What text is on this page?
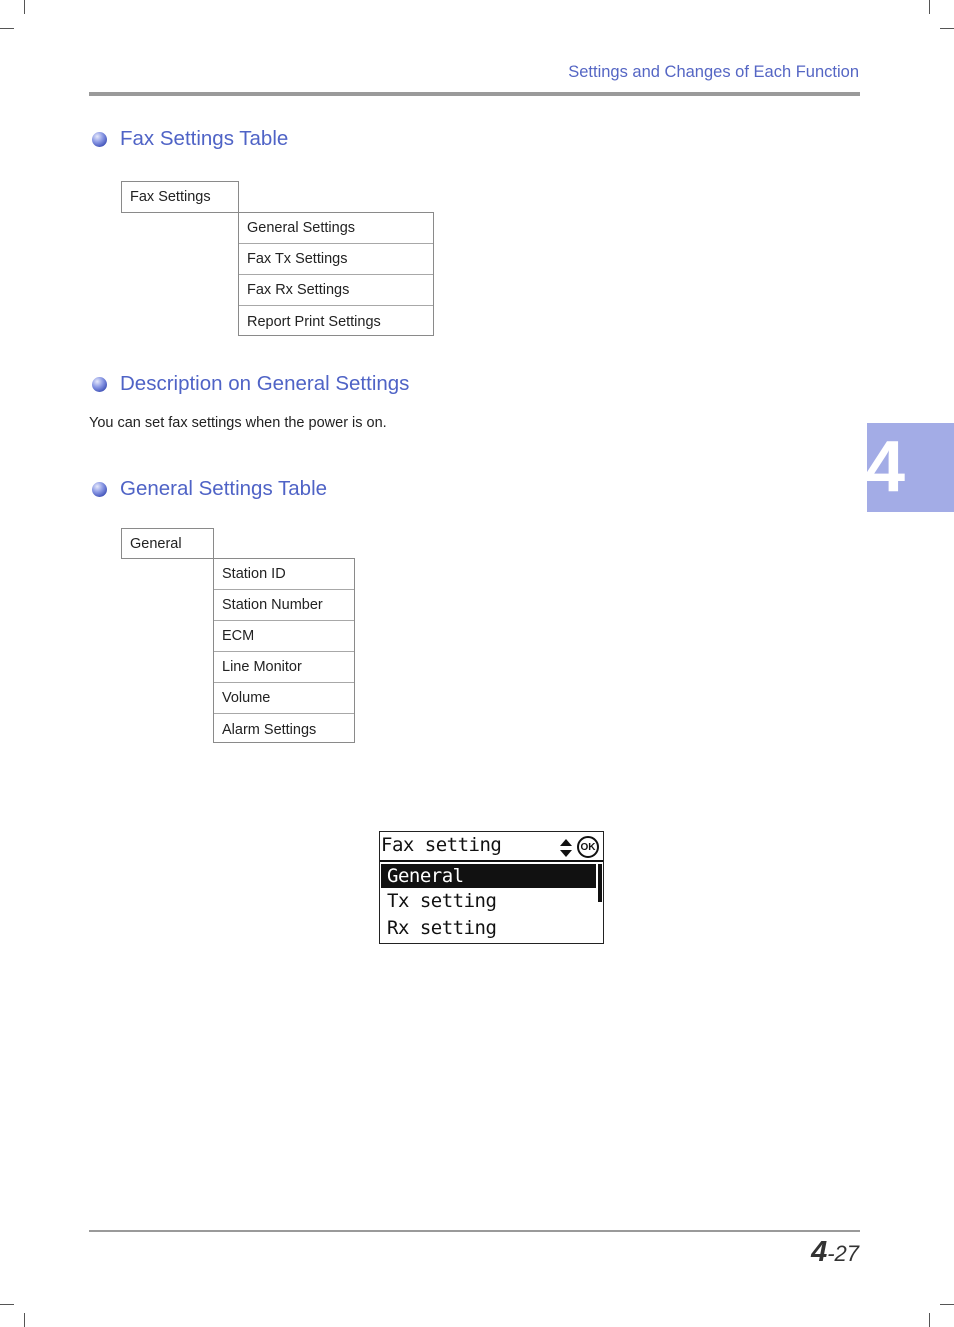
Settings and Changes of Each Function
Fax Settings Table
Fax Settings
General Settings
Fax Tx Settings
Fax Rx Settings
Report Print Settings
Description on General Settings
You can set fax settings when the power is on.
4
General Settings Table
General
Station ID
Station Number
ECM
Line Monitor
Volume
Alarm Settings
Fax setting	OK
General
Tx setting
Rx setting
4-27
